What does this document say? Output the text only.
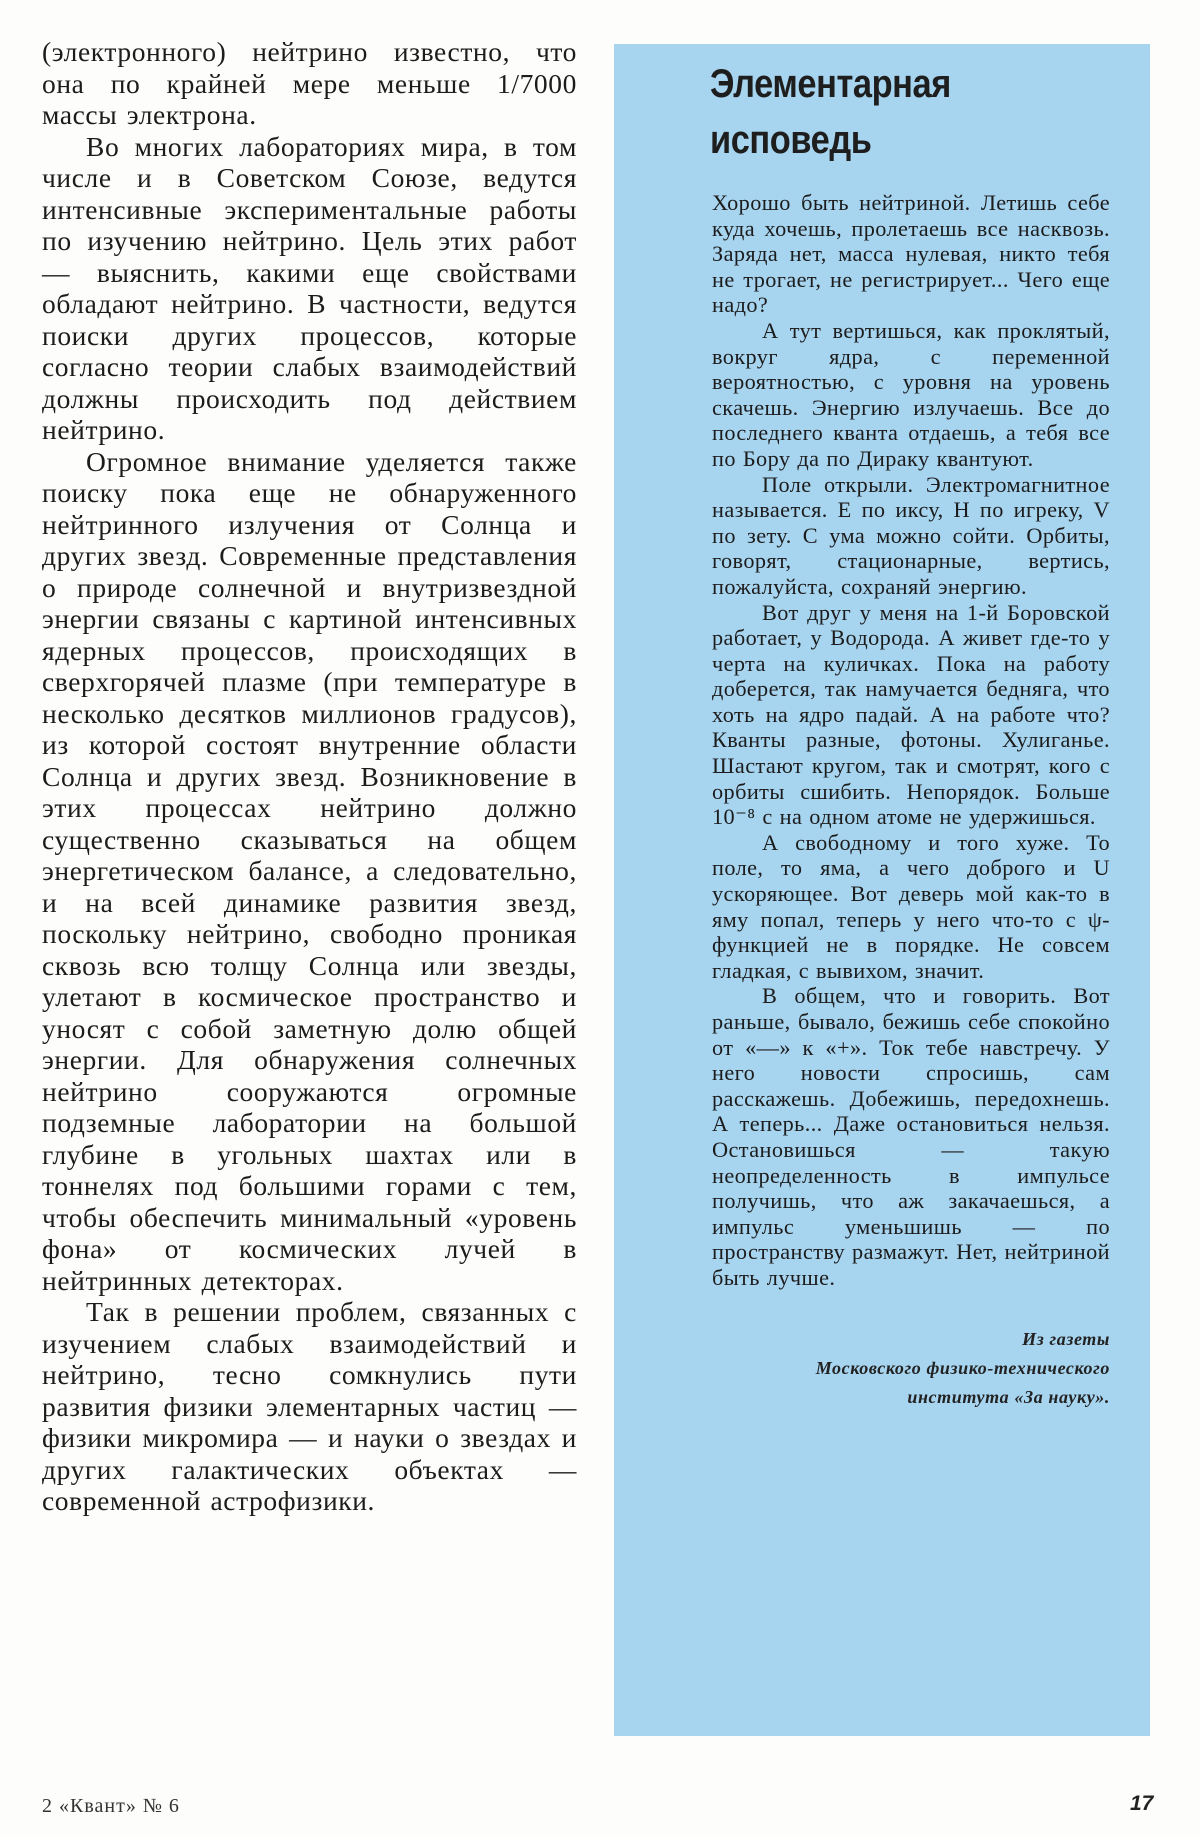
(электронного) нейтрино известно, что она по крайней мере меньше 1/7000 массы электрона.

Во многих лабораториях мира, в том числе и в Советском Союзе, ведутся интенсивные экспериментальные работы по изучению нейтрино. Цель этих работ — выяснить, какими еще свойствами обладают нейтрино. В частности, ведутся поиски других процессов, которые согласно теории слабых взаимодействий должны происходить под действием нейтрино.

Огромное внимание уделяется также поиску пока еще не обнаруженного нейтринного излучения от Солнца и других звезд. Современные представления о природе солнечной и внутризвездной энергии связаны с картиной интенсивных ядерных процессов, происходящих в сверхгорячей плазме (при температуре в несколько десятков миллионов градусов), из которой состоят внутренние области Солнца и других звезд. Возникновение в этих процессах нейтрино должно существенно сказываться на общем энергетическом балансе, а следовательно, и на всей динамике развития звезд, поскольку нейтрино, свободно проникая сквозь всю толщу Солнца или звезды, улетают в космическое пространство и уносят с собой заметную долю общей энергии. Для обнаружения солнечных нейтрино сооружаются огромные подземные лаборатории на большой глубине в угольных шахтах или в тоннелях под большими горами с тем, чтобы обеспечить минимальный «уровень фона» от космических лучей в нейтринных детекторах.

Так в решении проблем, связанных с изучением слабых взаимодействий и нейтрино, тесно сомкнулись пути развития физики элементарных частиц — физики микромира — и науки о звездах и других галактических объектах — современной астрофизики.

Элементарная
исповедь

Хорошо быть нейтриной. Летишь себе куда хочешь, пролетаешь все насквозь. Заряда нет, масса нулевая, никто тебя не трогает, не регистрирует... Чего еще надо?

А тут вертишься, как проклятый, вокруг ядра, с переменной вероятностью, с уровня на уровень скачешь. Энергию излучаешь. Все до последнего кванта отдаешь, а тебя все по Бору да по Дираку квантуют.

Поле открыли. Электромагнитное называется. E по иксу, H по игреку, V по зету. С ума можно сойти. Орбиты, говорят, стационарные, вертись, пожалуйста, сохраняй энергию.

Вот друг у меня на 1-й Боровской работает, у Водорода. А живет где-то у черта на куличках. Пока на работу доберется, так намучается бедняга, что хоть на ядро падай. А на работе что? Кванты разные, фотоны. Хулиганье. Шастают кругом, так и смотрят, кого с орбиты сшибить. Непорядок. Больше 10⁻⁸ с на одном атоме не удержишься.

А свободному и того хуже. То поле, то яма, а чего доброго и U ускоряющее. Вот деверь мой как-то в яму попал, теперь у него что-то с ψ-функцией не в порядке. Не совсем гладкая, с вывихом, значит.

В общем, что и говорить. Вот раньше, бывало, бежишь себе спокойно от «—» к «+». Ток тебе навстречу. У него новости спросишь, сам расскажешь. Добежишь, передохнешь. А теперь... Даже остановиться нельзя. Остановишься — такую неопределенность в импульсе получишь, что аж закачаешься, а импульс уменьшишь — по пространству размажут. Нет, нейтриной быть лучше.

Из газеты
Московского физико-технического
института «За науку».
2 «Квант» № 6	17
